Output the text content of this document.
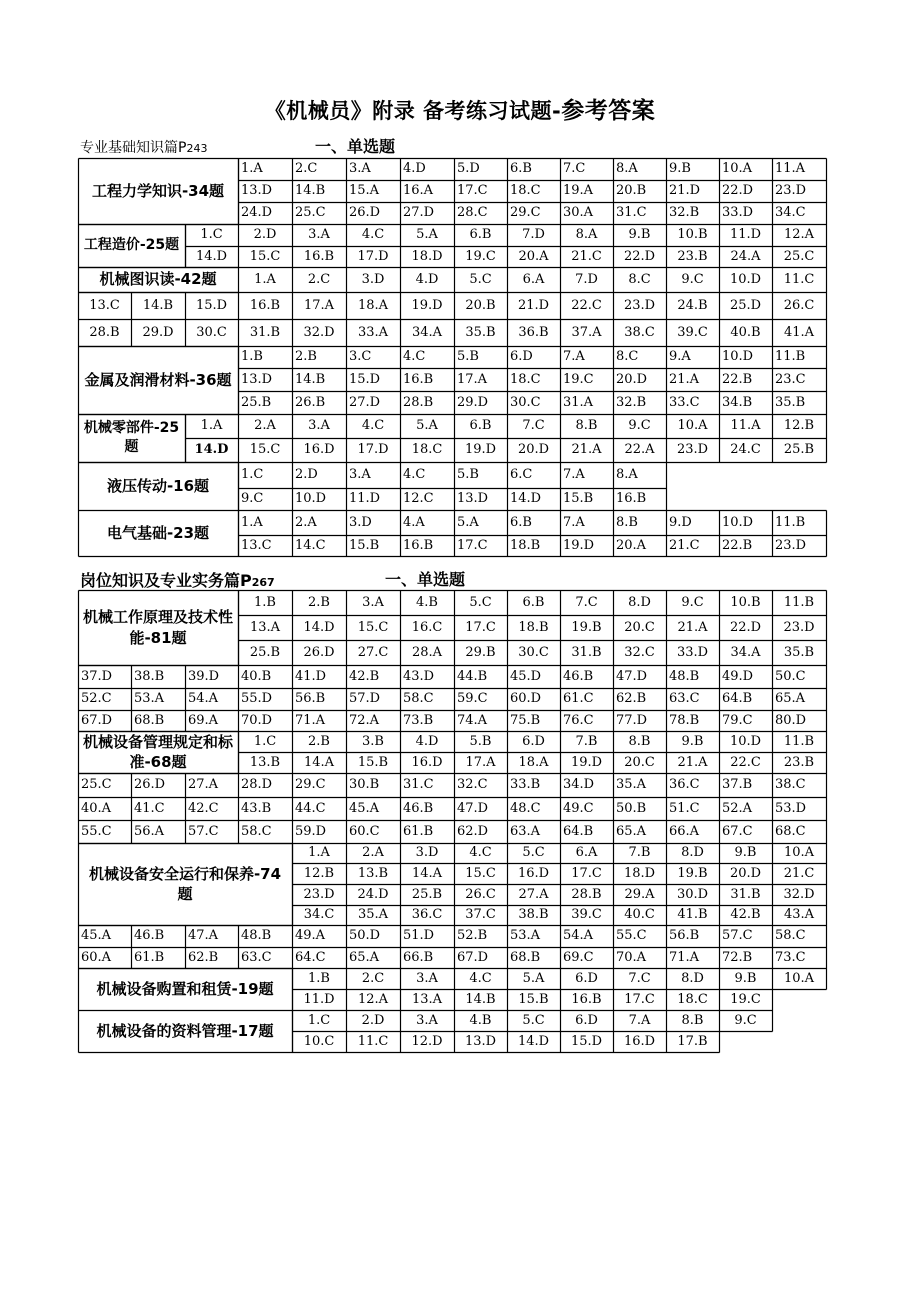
《机械员》附录 备考练习试题-参考答案
专业基础知识篇P243	一、单选题
岗位知识及专业实务篇P267	一、单选题
工程力学知识-34题
1.A 2.C 3.A 4.D 5.D 6.B 7.C 8.A 9.B 10.A 11.A
13.D 14.B 15.A 16.A 17.C 18.C 19.A 20.B 21.D 22.D 23.D
24.D 25.C 26.D 27.D 28.C 29.C 30.A 31.C 32.B 33.D 34.C
工程造价-25题
1.C	2.D	3.A	4.C	5.A	6.B	7.D	8.A	9.B	10.B	11.D	12.A
14.D	15.C	16.B	17.D	18.D	19.C	20.A	21.C	22.D	23.B	24.A	25.C
机械图识读-42题	1.A	2.C	3.D	4.D	5.C	6.A	7.D	8.C	9.C	10.D	11.C
13.C	14.B	15.D	16.B	17.A	18.A	19.D	20.B	21.D	22.C	23.D	24.B	25.D	26.C
28.B	29.D	30.C	31.B	32.D	33.A	34.A	35.B	36.B	37.A	38.C	39.C	40.B	41.A
金属及润滑材料-36题
1.B 2.B 3.C 4.C 5.B 6.D 7.A 8.C 9.A 10.D 11.B
13.D 14.B 15.D 16.B 17.A 18.C 19.C 20.D 21.A 22.B 23.C
25.B 26.B 27.D 28.B 29.D 30.C 31.A 32.B 33.C 34.B 35.B
机械零部件-25题
1.A	2.A	3.A	4.C	5.A	6.B	7.C	8.B	9.C	10.A	11.A	12.B
14.D	15.C	16.D	17.D	18.C	19.D	20.D	21.A	22.A	23.D	24.C	25.B
液压传动-16题
1.C 2.D 3.A 4.C 5.B 6.C 7.A 8.A
9.C 10.D 11.D 12.C 13.D 14.D 15.B 16.B
电气基础-23题
1.A 2.A 3.D 4.A 5.A 6.B 7.A 8.B 9.D 10.D 11.B
13.C 14.C 15.B 16.B 17.C 18.B 19.D 20.A 21.C 22.B 23.D
机械工作原理及技术性能-81题
1.B	2.B	3.A	4.B	5.C	6.B	7.C	8.D	9.C	10.B	11.B
13.A	14.D	15.C	16.C	17.C	18.B	19.B	20.C	21.A	22.D	23.D
25.B	26.D	27.C	28.A	29.B	30.C	31.B	32.C	33.D	34.A	35.B
37.D 38.B 39.D 40.B 41.D 42.B 43.D 44.B 45.D 46.B 47.D 48.B 49.D 50.C
52.C 53.A 54.A 55.D 56.B 57.D 58.C 59.C 60.D 61.C 62.B 63.C 64.B 65.A
67.D 68.B 69.A 70.D 71.A 72.A 73.B 74.A 75.B 76.C 77.D 78.B 79.C 80.D
机械设备管理规定和标准-68题
1.C	2.B	3.B	4.D	5.B	6.D	7.B	8.B	9.B	10.D	11.B
13.B	14.A	15.B	16.D	17.A	18.A	19.D	20.C	21.A	22.C	23.B
25.C 26.D 27.A 28.D 29.C 30.B 31.C 32.C 33.B 34.D 35.A 36.C 37.B 38.C
40.A 41.C 42.C 43.B 44.C 45.A 46.B 47.D 48.C 49.C 50.B 51.C 52.A 53.D
55.C 56.A 57.C 58.C 59.D 60.C 61.B 62.D 63.A 64.B 65.A 66.A 67.C 68.C
机械设备安全运行和保养-74题
1.A	2.A	3.D	4.C	5.C	6.A	7.B	8.D	9.B	10.A
12.B	13.B	14.A	15.C	16.D	17.C	18.D	19.B	20.D	21.C
23.D	24.D	25.B	26.C	27.A	28.B	29.A	30.D	31.B	32.D
34.C	35.A	36.C	37.C	38.B	39.C	40.C	41.B	42.B	43.A
45.A 46.B 47.A 48.B 49.A 50.D 51.D 52.B 53.A 54.A 55.C 56.B 57.C 58.C
60.A 61.B 62.B 63.C 64.C 65.A 66.B 67.D 68.B 69.C 70.A 71.A 72.B 73.C
机械设备购置和租赁-19题
1.B	2.C	3.A	4.C	5.A	6.D	7.C	8.D	9.B	10.A
11.D	12.A	13.A	14.B	15.B	16.B	17.C	18.C	19.C
机械设备的资料管理-17题
1.C	2.D	3.A	4.B	5.C	6.D	7.A	8.B	9.C
10.C	11.C	12.D	13.D	14.D	15.D	16.D	17.B
